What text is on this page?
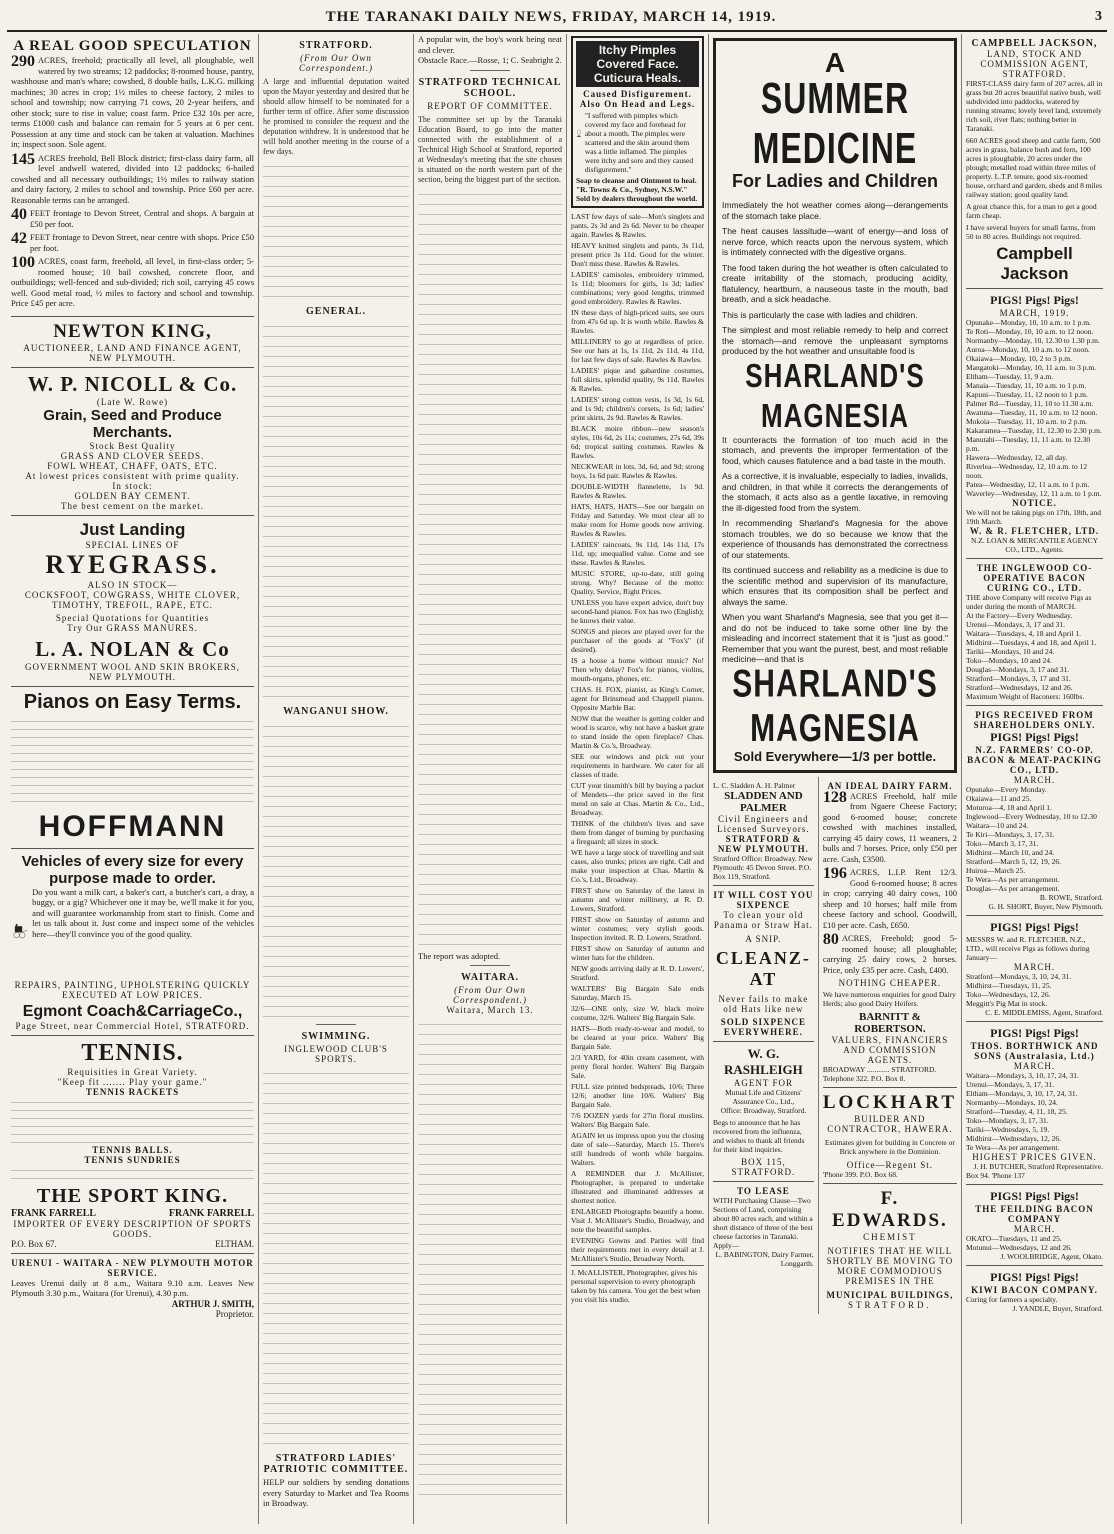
THE TARANAKI DAILY NEWS, FRIDAY, MARCH 14, 1919.	3
A REAL GOOD SPECULATION
290 ACRES, freehold; practically all level, all ploughable, well watered by two streams; 12 paddocks; 8-roomed house, pantry, washhouse and man's whare; cowshed, 8 double bails, L.K.G. milking machines; 30 acres in crop; 1½ miles to cheese factory, 2 miles to school and township; now carrying 71 cows, 20 2-year heifers, and other stock; sure to rise in value; coast farm. Price £32 10s per acre, terms £1000 cash and balance can remain for 5 years at 6 per cent. Possession at any time and stock can be taken at valuation. Machines in; inspect soon. Sole agent.
145 ACRES freehold, Bell Block district; first-class dairy farm, all level andwell watered, divided into 12 paddocks; 6-bailed cowshed and all necessary outbuildings; 1½ miles to railway station and dairy factory, 2 miles to school and township. Price £60 per acre. Reasonable terms can be arranged.
40 FEET frontage to Devon Street, Central and shops. A bargain at £50 per foot.
42 FEET frontage to Devon Street, near centre with shops. Price £50 per foot.
100 ACRES, coast farm, freehold, all level, in first-class order; 5-roomed house; 10 bail cowshed, concrete floor, and outbuildings; well-fenced and sub-divided; rich soil, carrying 45 cows well. Good metal road, ½ miles to factory and school and township. Price £45 per acre.
NEWTON KING,
AUCTIONEER, LAND AND FINANCE AGENT,
NEW PLYMOUTH.
W. P. NICOLL & Co.
(Late W. Rowe)
Grain, Seed and Produce Merchants.
Stock Best Quality
GRASS AND CLOVER SEEDS.
FOWL WHEAT, CHAFF, OATS, ETC.
At lowest prices consistent with prime quality.
In stock:
GOLDEN BAY CEMENT.
The best cement on the market.
Just Landing
SPECIAL LINES OF
RYEGRASS.
ALSO IN STOCK—
COCKSFOOT, COWGRASS, WHITE CLOVER, TIMOTHY, TREFOIL, RAPE, ETC.
Special Quotations for Quantities
Try Our GRASS MANURES.
L. A. NOLAN & Co
GOVERNMENT WOOL AND SKIN BROKERS,
NEW PLYMOUTH.
Pianos on Easy Terms.
HOFFMANN
Vehicles of every size for every
purpose made to order.
Do you want a milk cart, a baker's cart, a butcher's cart, a dray, a buggy, or a gig? Whichever one it may be, we'll make it for you, and will guarantee workmanship from start to finish. Come and let us talk about it. Just come and inspect some of the vehicles here—they'll convince you of the good quality.
REPAIRS, PAINTING, UPHOLSTERING QUICKLY EXECUTED AT LOW PRICES.
Egmont Coach&CarriageCo.,
Page Street, near Commercial Hotel, STRATFORD.
TENNIS.
Requisities in Great Variety.
"Keep fit ....... Play your game."
TENNIS RACKETS
TENNIS BALLS.
TENNIS SUNDRIES
THE SPORT KING.
FRANK FARRELL	FRANK FARRELL
IMPORTER OF EVERY DESCRIPTION OF SPORTS GOODS.
P.O. Box 67.	ELTHAM.
URENUI - WAITARA - NEW PLYMOUTH MOTOR SERVICE.
Leaves Urenui daily at 8 a.m., Waitara 9.10 a.m. Leaves New Plymouth 3.30 p.m., Waitara (for Urenui), 4.30 p.m.
ARTHUR J. SMITH,
Proprietor.
STRATFORD.
(From Our Own Correspondent.)
A large and influential deputation waited upon the Mayor yesterday and desired that he should allow himself to be nominated for a further term of office. After some discussion he promised to consider the request and the deputation withdrew. It is understood that he will hold another meeting in the course of a few days.
GENERAL.
WANGANUI SHOW.
SWIMMING.
INGLEWOOD CLUB'S SPORTS.
STRATFORD LADIES' PATRIOTIC COMMITTEE.
HELP our soldiers by sending donations every Saturday to Market and Tea Rooms in Broadway.
A popular win, the boy's work being neat and clever.
Obstacle Race.—Rosse, 1; C. Seabright 2.
STRATFORD TECHNICAL SCHOOL.
REPORT OF COMMITTEE.
The committee set up by the Taranaki Education Board, to go into the matter connected with the establishment of a Technical High School at Stratford, reported at Wednesday's meeting that the site chosen is situated on the north western part of the section, being the biggest part of the section.
The report was adopted.
WAITARA.
(From Our Own Correspondent.)
Waitara, March 13.
Itchy Pimples Covered Face. Cuticura Heals.
Caused Disfigurement. Also On Head and Legs.
"I suffered with pimples which covered my face and forehead for about a month. The pimples were scattered and the skin around them was a little inflamed. The pimples were itchy and sore and they caused disfigurement."
Soap to cleanse and Ointment to heal. "R. Towns & Co., Sydney, N.S.W." Sold by dealers throughout the world.
LAST few days of sale—Men's singlets and pants, 2s 3d and 2s 6d. Never to be cheaper again. Rawles & Rawles.
HEAVY knitted singlets and pants, 3s 11d, present price 3s 11d. Good for the winter. Don't miss these. Rawles & Rawles.
LADIES' camisoles, embroidery trimmed, 1s 11d; bloomers for girls, 1s 3d; ladies' combinations; very good lengths, trimmed good embroidery. Rawles & Rawles.
IN these days of high-priced suits, see ours from 47s 6d up. It is worth while. Rawles & Rawles.
MILLINERY to go at regardless of price. See our hats at 1s, 1s 11d, 2s 11d, 4s 11d, for last few days of sale. Rawles & Rawles.
LADIES' pique and gabardine costumes, full skirts, splendid quality, 9s 11d. Rawles & Rawles.
LADIES' strong cotton vests, 1s 3d, 1s 6d, and 1s 9d; children's corsets, 1s 6d; ladies' print skirts, 2s 9d. Rawles & Rawles.
BLACK moire ribbon—new season's styles, 10s 6d, 2s 11s; costumes, 27s 6d, 39s 6d; tropical suiting costumes. Rawles & Rawles.
NECKWEAR in lots, 3d, 6d, and 9d; strong boys, 1s 6d pair. Rawles & Rawles.
DOUBLE-WIDTH flannelette, 1s 9d. Rawles & Rawles.
HATS, HATS, HATS—See our bargain on Friday and Saturday. We must clear all to make room for Home goods now arriving. Rawles & Rawles.
LADIES' raincoats, 9s 11d, 14s 11d, 17s 11d, up; unequalled value. Come and see these. Rawles & Rawles.
MUSIC STORE, up-to-date, still going strong. Why? Because of the motto: Quality, Service, Right Prices.
UNLESS you have expert advice, don't buy second-hand pianos. Fox has two (English); he knows their value.
SONGS and pieces are played over for the purchaser of the goods at "Fox's" (if desired).
IS a house a home without music? No! Then why delay? Fox's for pianos, violins, mouth-organs, phones, etc.
CHAS. H. FOX, pianist, as King's Corner, agent for Brinsmead and Chappell pianos. Opposite Marble Bar.
NOW that the weather is getting colder and wood is scarce, why not have a basket grate to stand inside the open fireplace? Chas. Martin & Co.'s, Broadway.
SEE our windows and pick out your requirements in hardware. We cater for all classes of trade.
CUT your tinsmith's bill by buying a packet of Mendets—the price saved in the first mend on sale at Chas. Martin & Co., Ltd., Broadway.
THINK of the children's lives and save them from danger of burning by purchasing a fireguard; all sizes in stock.
WE have a large stock of travelling and suit cases, also trunks; prices are right. Call and make your inspection at Chas. Martin & Co.'s, Ltd., Broadway.
FIRST show on Saturday of the latest in autumn and winter millinery, at R. D. Lowers, Stratford.
FIRST show on Saturday of autumn and winter costumes; very stylish goods. Inspection invited. R. D. Lowers, Stratford.
FIRST show on Saturday of autumn and winter hats for the children.
NEW goods arriving daily at R. D. Lowers', Stratford.
WALTERS' Big Bargain Sale ends Saturday, March 15.
32/6—ONE only, size W, black moire costume, 32/6. Walters' Big Bargain Sale.
HATS—Both ready-to-wear and model, to be cleared at your price. Walters' Big Bargain Sale.
2/3 YARD, for 40in cream casement, with pretty floral border. Walters' Big Bargain Sale.
FULL size printed bedspreads, 10/6; Three 12/6; another line 10/6. Walters' Big Bargain Sale.
7/6 DOZEN yards for 27in floral muslins. Walters' Big Bargain Sale.
AGAIN let us impress upon you the closing date of sale—Saturday, March 15. There's still hundreds of worth while bargains. Walters.
A REMINDER that J. McAllister, Photographer, is prepared to undertake illustrated and illuminated addresses at shortest notice.
ENLARGED Photographs beautify a home. Visit J. McAllister's Studio, Broadway, and note the beautiful samples.
EVENING Gowns and Parties will find their requirements met in every detail at J. McAllister's Studio, Broadway North.
J. McALLISTER, Photographer, gives his personal supervision to every photograph taken by his camera. You get the best when you visit his studio.
A
SUMMER MEDICINE
For Ladies and Children
Immediately the hot weather comes along—derangements of the stomach take place.
The heat causes lassitude—want of energy—and loss of nerve force, which reacts upon the nervous system, which is intimately connected with the digestive organs.
The food taken during the hot weather is often calculated to create irritability of the stomach, producing acidity, flatulency, heartburn, a nauseous taste in the mouth, bad breath, and a sick headache.
This is particularly the case with ladies and children.
The simplest and most reliable remedy to help and correct the stomach—and remove the unpleasant symptoms produced by the hot weather and unsuitable food is
SHARLAND'S MAGNESIA
It counteracts the formation of too much acid in the stomach, and prevents the improper fermentation of the food, which causes flatulence and a bad taste in the mouth.
As a corrective, it is invaluable, especially to ladies, invalids, and children, in that while it corrects the derangements of the stomach, it acts also as a gentle laxative, in removing the ill-digested food from the system.
In recommending Sharland's Magnesia for the above stomach troubles, we do so because we know that the experience of thousands has demonstrated the correctness of our statements.
Its continued success and reliability as a medicine is due to the scientific method and supervision of its manufacture, which ensures that its composition shall be perfect and always the same.
When you want Sharland's Magnesia, see that you get it—and do not be induced to take some other line by the misleading and incorrect statement that it is "just as good." Remember that you want the purest, best, and most reliable medicine—and that is
SHARLAND'S MAGNESIA
Sold Everywhere—1/3 per bottle.
L. C. Sladden A. H. Palmer
SLADDEN AND PALMER
Civil Engineers and Licensed Surveyors.
STRATFORD & NEW PLYMOUTH.
Stratford Office: Broadway. New Plymouth: 45 Devon Street. P.O. Box 119, Stratford.
IT WILL COST YOU SIXPENCE
To clean your old Panama or Straw Hat.
A SNIP.
CLEANZ-AT
Never fails to make old Hats like new
SOLD SIXPENCE EVERYWHERE.
W. G. RASHLEIGH
AGENT FOR
Mutual Life and Citizens' Assurance Co., Ltd.,
Office: Broadway, Stratford.
Begs to announce that he has recovered from the influenza, and wishes to thank all friends for their kind inquiries.
BOX 115, STRATFORD.
TO LEASE
WITH Purchasing Clause—Two Sections of Land, comprising about 80 acres each, and within a short distance of three of the best cheese factories in Taranaki.
Apply—
L. BABINGTON, Dairy Farmer, Longgarth.
AN IDEAL DAIRY FARM.
128 ACRES Freehold, half mile from Ngaere Cheese Factory; good 6-roomed house; concrete cowshed with machines installed, carrying 45 dairy cows, 11 weaners, 2 bulls and 7 horses. Price, only £50 per acre. Cash, £3500.
196 ACRES, L.I.P. Rent 12/3. Good 6-roomed house; 8 acres in crop; carrying 40 dairy cows, 100 sheep and 10 horses; half mile from cheese factory and school. Goodwill, £10 per acre. Cash, £650.
80 ACRES, Freehold; good 5-roomed house; all ploughable; carrying 25 dairy cows, 2 horses. Price, only £35 per acre. Cash, £400.
NOTHING CHEAPER.
We have numerous enquiries for good Dairy Herds; also good Dairy Heifers.
BARNITT & ROBERTSON.
VALUERS, FINANCIERS AND COMMISSION AGENTS.
BROADWAY ............ STRATFORD. Telephone 322. P.O. Box 8.
LOCKHART
BUILDER AND CONTRACTOR, HAWERA.
Estimates given for building in Concrete or Brick anywhere in the Dominion.
Office—Regent St.
'Phone 399. P.O. Box 68.
F. EDWARDS.
CHEMIST
NOTIFIES THAT HE WILL SHORTLY BE MOVING TO MORE COMMODIOUS PREMISES IN THE
MUNICIPAL BUILDINGS,
STRATFORD.
CAMPBELL JACKSON,
LAND, STOCK AND COMMISSION AGENT, STRATFORD.
FIRST-CLASS dairy farm of 207 acres, all in grass but 20 acres beautiful native bush, well subdivided into paddocks, watered by running streams; lovely level land, extremely rich soil, river flats; nothing better in Taranaki.
660 ACRES good sheep and cattle farm, 500 acres in grass, balance bush and fern, 100 acres is ploughable, 20 acres under the plough; metalled road within three miles of property. L.T.P. tenure, good six-roomed house, orchard and garden, sheds and 8 miles railway station; good quality land.
A great chance this, for a man to get a good farm cheap.
I have several buyers for small farms, from 50 to 80 acres. Buildings not required.
Campbell Jackson
PIGS! Pigs! Pigs!
MARCH, 1919.
Opunake—Monday, 10, 10 a.m. to 1 p.m.
Te Roti—Monday, 10, 10 a.m. to 12 noon.
Normanby—Monday, 10, 12.30 to 1.30 p.m.
Auroa—Monday, 10, 10 a.m. to 12 noon.
Okaiawa—Monday, 10, 2 to 3 p.m.
Mangatoki—Monday, 10, 11 a.m. to 3 p.m.
Eltham—Tuesday, 11, 9 a.m.
Manaia—Tuesday, 11, 10 a.m. to 1 p.m.
Kapuni—Tuesday, 11, 12 noon to 1 p.m.
Palmer Rd—Tuesday, 11, 10 to 11.30 a.m.
Awatuna—Tuesday, 11, 10 a.m. to 12 noon.
Mokoia—Tuesday, 11, 10 a.m. to 2 p.m.
Kakaramea—Tuesday, 11, 12.30 to 2.30 p.m.
Manutahi—Tuesday, 11, 11 a.m. to 12.30 p.m.
Hawera—Wednesday, 12, all day.
Riverlea—Wednesday, 12, 10 a.m. to 12 noon.
Patea—Wednesday, 12, 11 a.m. to 1 p.m.
Waverley—Wednesday, 12, 11 a.m. to 1 p.m.
NOTICE.
We will not be taking pigs on 17th, 18th, and 19th March.
W. & R. FLETCHER, LTD.
N.Z. LOAN & MERCANTILE AGENCY CO., LTD., Agents.
THE INGLEWOOD CO-OPERATIVE BACON CURING CO., LTD.
THE above Company will receive Pigs as under during the month of MARCH.
At the Factory—Every Wednesday.
Urenui—Mondays, 3, 17 and 31.
Waitara—Tuesdays, 4, 18 and April 1.
Midhirst—Tuesdays, 4 and 18, and April 1.
Tariki—Mondays, 10 and 24.
Toko—Mondays, 10 and 24.
Douglas—Mondays, 3, 17 and 31.
Stratford—Mondays, 3, 17 and 31.
Stratford—Wednesdays, 12 and 26.
Maximum Weight of Baconers: 160lbs.
PIGS RECEIVED FROM SHAREHOLDERS ONLY.
PIGS! Pigs! Pigs!
N.Z. FARMERS' CO-OP. BACON & MEAT-PACKING CO., LTD.
MARCH.
Opunake—Every Monday.
Okaiawa—11 and 25.
Moturoa—4, 18 and April 1.
Inglewood—Every Wednesday, 10 to 12.30
Waitara—10 and 24.
Te Kiri—Mondays, 3, 17, 31.
Toko—March 3, 17, 31.
Midhirst—March 10, and 24.
Stratford—March 5, 12, 19, 26.
Huiroa—March 25.
Te Wera—As per arrangement.
Douglas—As per arrangement.
B. ROWE, Stratford.
G. H. SHORT, Buyer, New Plymouth.
PIGS! Pigs! Pigs!
MESSRS W. and R. FLETCHER, N.Z., LTD., will receive Pigs as follows during January—
MARCH.
Stratford—Mondays, 3, 10, 24, 31.
Midhirst—Tuesdays, 11, 25.
Toko—Wednesdays, 12, 26.
Meggitt's Pig Mat in stock.
C. E. MIDDLEMISS, Agent, Stratford.
PIGS! Pigs! Pigs!
THOS. BORTHWICK AND SONS (Australasia, Ltd.)
MARCH.
Waitara—Mondays, 3, 10, 17, 24, 31.
Urenui—Mondays, 3, 17, 31.
Eltham—Mondays, 3, 10, 17, 24, 31.
Normanby—Mondays, 10, 24.
Stratford—Tuesday, 4, 11, 18, 25.
Toko—Mondays, 3, 17, 31.
Tariki—Wednesdays, 5, 19.
Midhirst—Wednesdays, 12, 26.
Te Wera—As per arrangement.
HIGHEST PRICES GIVEN.
J. H. BUTCHER, Stratford Representative.
Box 94. 'Phone 137
PIGS! Pigs! Pigs!
THE FEILDING BACON COMPANY
MARCH.
OKATO—Tuesdays, 11 and 25.
Motunui—Wednesdays, 12 and 26.
J. WOOLBRIDGE, Agent, Okato.
PIGS! Pigs! Pigs!
KIWI BACON COMPANY.
Curing for farmers a specialty.
J. YANDLE, Buyer, Stratford.
